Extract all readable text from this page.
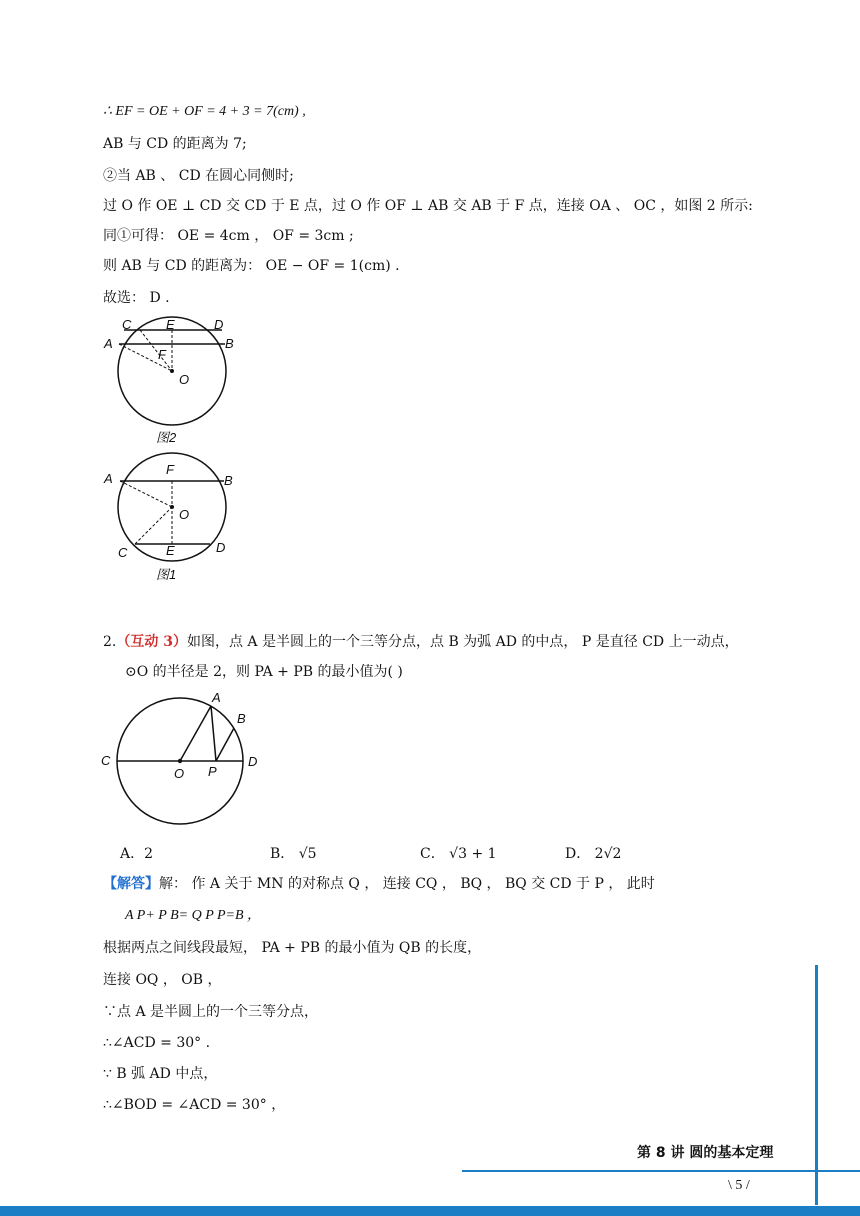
∴ EF = OE + OF = 4 + 3 = 7(cm) ,
AB 与 CD 的距离为 7;
②当 AB 、 CD 在圆心同侧时;
过 O 作 OE ⊥ CD 交 CD 于 E 点，过 O 作 OF ⊥ AB 交 AB 于 F 点，连接 OA 、 OC ，如图 2 所示:
同①可得： OE = 4cm ， OF = 3cm ;
则 AB 与 CD 的距离为： OE − OF = 1(cm) .
故选： D .
C	E	D
A	B
F
O
图2
A
F
B
O
C	E	D
图1
2.（互动 3）如图，点 A 是半圆上的一个三等分点，点 B 为弧 AD 的中点， P 是直径 CD 上一动点，
⊙O 的半径是 2，则 PA + PB 的最小值为( )
A
B
C
O P
D
A．2	B． √5	C． √3 + 1	D． 2√2
【解答】解： 作 A 关于 MN 的对称点 Q ， 连接 CQ ， BQ ， BQ 交 CD 于 P ， 此时
A P+ P B= Q P P=B ，
根据两点之间线段最短， PA + PB 的最小值为 QB 的长度，
连接 OQ ， OB ，
∵点 A 是半圆上的一个三等分点，
∴∠ACD = 30° .
∵ B 弧 AD 中点，
∴∠BOD = ∠ACD = 30° ，
第 8 讲 圆的基本定理
\ 5 /
